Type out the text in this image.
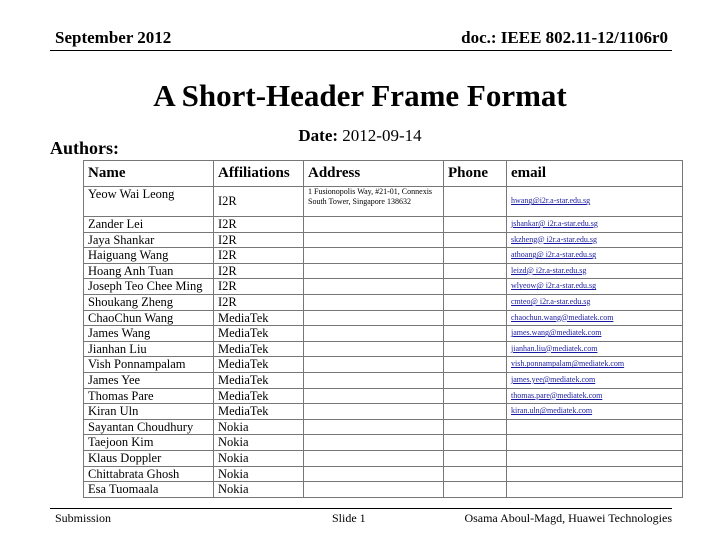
September 2012	doc.: IEEE 802.11-12/1106r0
A Short-Header Frame Format
Date: 2012-09-14
Authors:
Name	Affiliations	Address	Phone	email
Yeow Wai Leong	I2R	1 Fusionopolis Way, #21-01, Connexis South Tower, Singapore 138632		hwang@i2r.a-star.edu.sg
Zander Lei	I2R			jshankar@ i2r.a-star.edu.sg
Jaya Shankar	I2R			skzheng@ i2r.a-star.edu.sg
Haiguang Wang	I2R			athoang@ i2r.a-star.edu.sg
Hoang Anh Tuan	I2R			leizd@ i2r.a-star.edu.sg
Joseph Teo Chee Ming	I2R			wlyeow@ i2r.a-star.edu.sg
Shoukang Zheng	I2R			cmteo@ i2r.a-star.edu.sg
ChaoChun Wang	MediaTek			chaochun.wang@mediatek.com
James Wang	MediaTek			james.wang@mediatek.com
Jianhan Liu	MediaTek			jianhan.liu@mediatek.com
Vish Ponnampalam	MediaTek			vish.ponnampalam@mediatek.com
James Yee	MediaTek			james.yee@mediatek.com
Thomas Pare	MediaTek			thomas.pare@mediatek.com
Kiran Uln	MediaTek			kiran.uln@mediatek.com
Sayantan Choudhury	Nokia			
Taejoon Kim	Nokia			
Klaus Doppler	Nokia			
Chittabrata Ghosh	Nokia			
Esa Tuomaala	Nokia			
Submission	Slide 1	Osama Aboul-Magd, Huawei Technologies
